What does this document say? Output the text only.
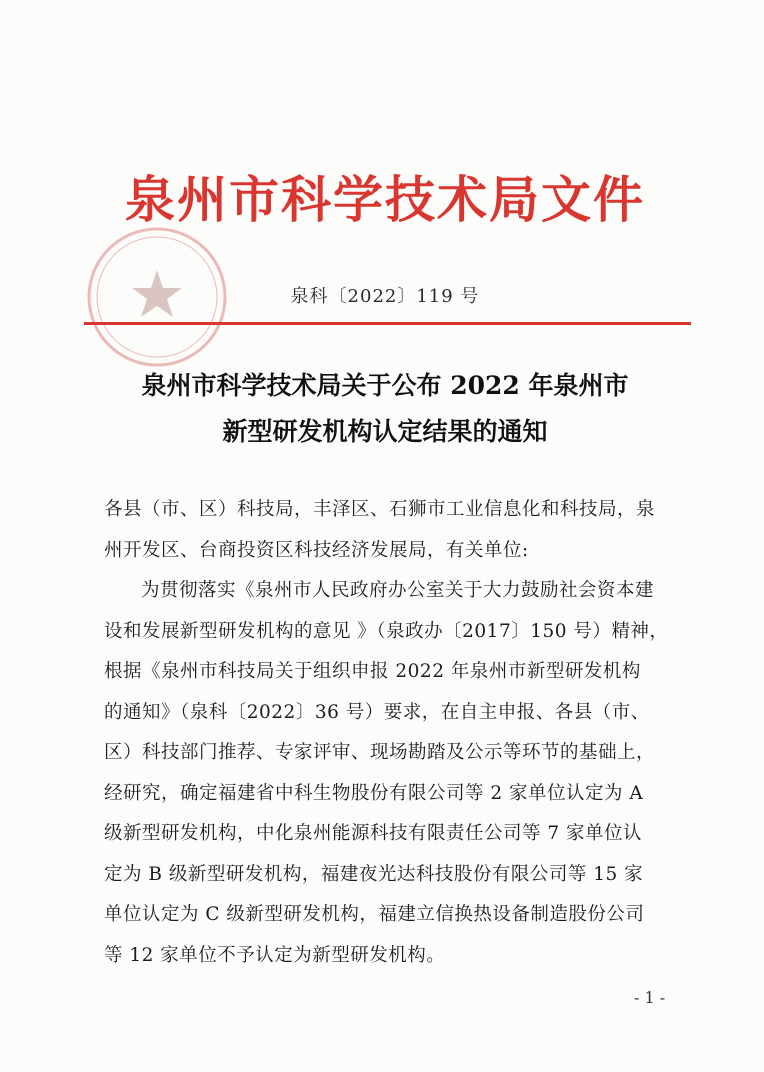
泉州市科学技术局文件
泉科〔2022〕119 号
泉州市科学技术局关于公布 2022 年泉州市
新型研发机构认定结果的通知
各县（市、区）科技局，丰泽区、石狮市工业信息化和科技局，泉
州开发区、台商投资区科技经济发展局，有关单位:
为贯彻落实《泉州市人民政府办公室关于大力鼓励社会资本建
设和发展新型研发机构的意见 》（泉政办〔2017〕150 号）精神，
根据《泉州市科技局关于组织申报 2022 年泉州市新型研发机构
的通知》（泉科〔2022〕36 号）要求，在自主申报、各县（市、
区）科技部门推荐、专家评审、现场勘踏及公示等环节的基础上，
经研究，确定福建省中科生物股份有限公司等 2 家单位认定为 A
级新型研发机构，中化泉州能源科技有限责任公司等 7 家单位认
定为 B 级新型研发机构，福建夜光达科技股份有限公司等 15 家
单位认定为 C 级新型研发机构，福建立信换热设备制造股份公司
等 12 家单位不予认定为新型研发机构。
- 1 -
